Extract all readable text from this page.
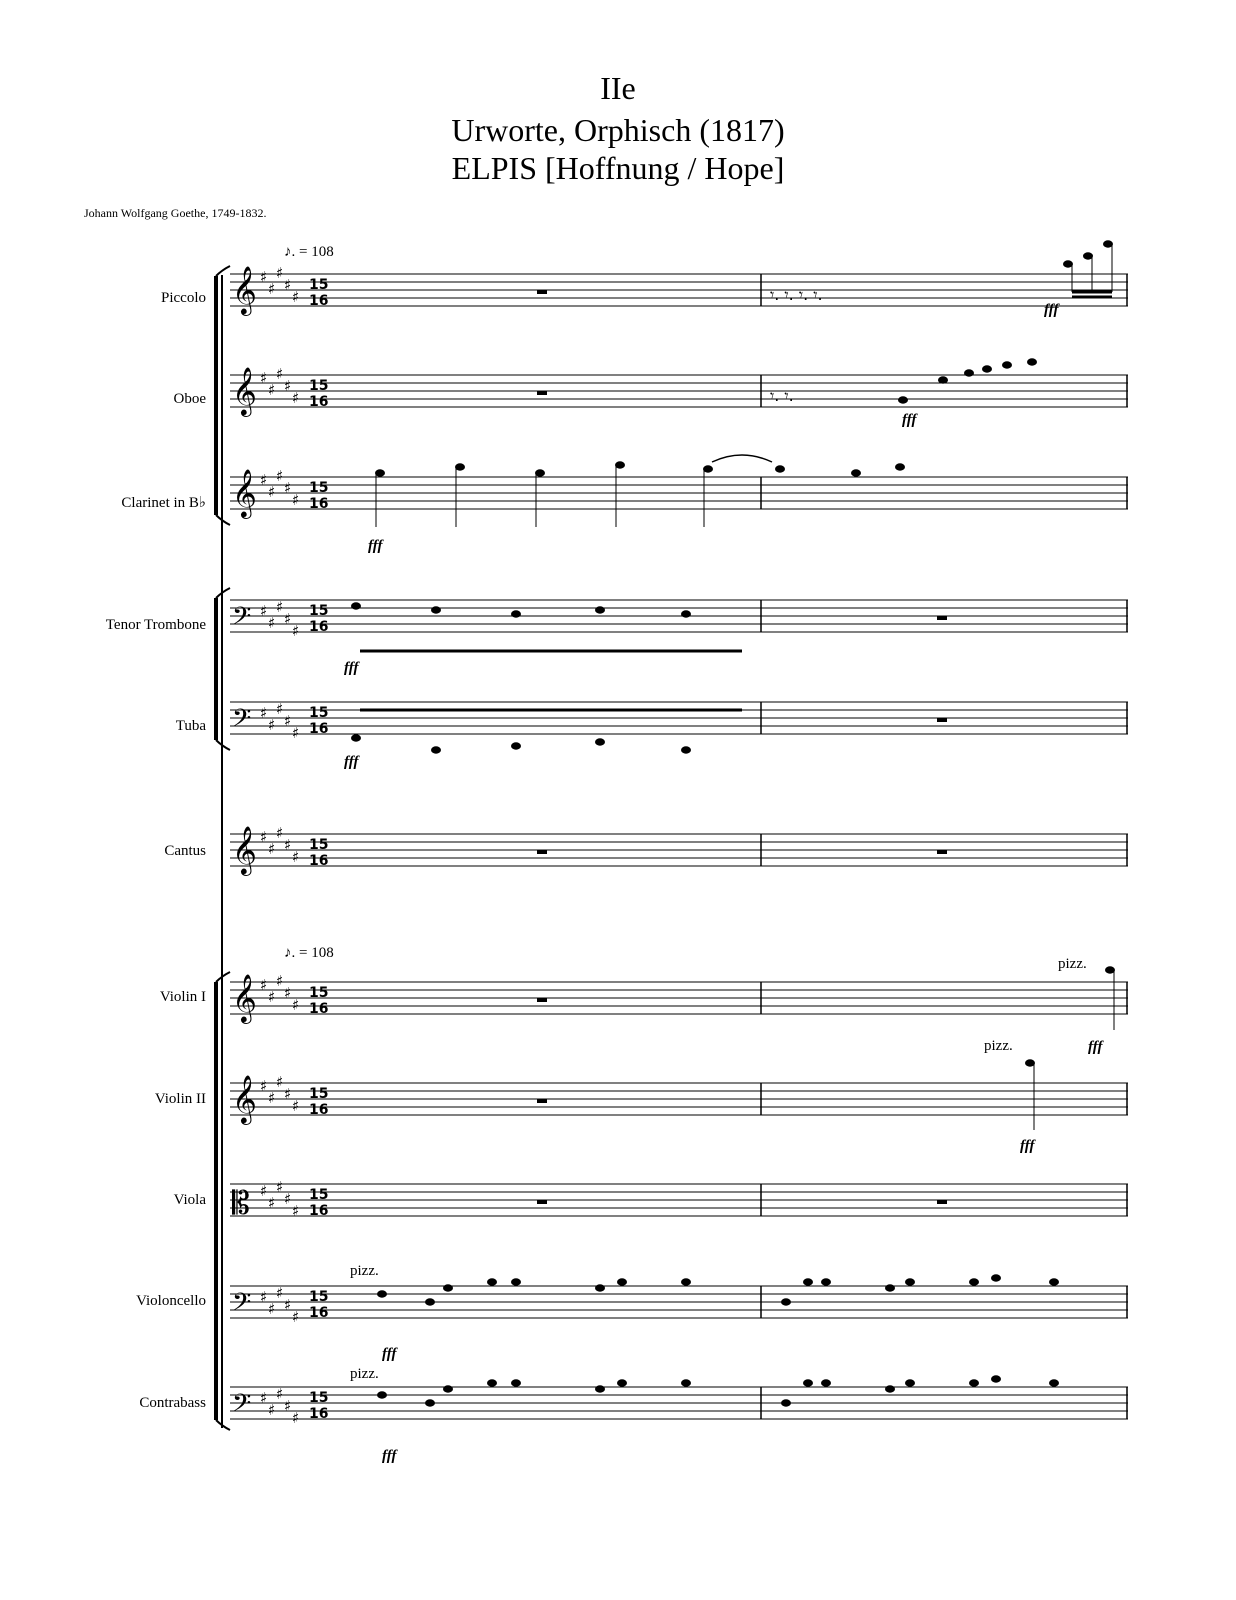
IIe
Urworte, Orphisch (1817)
ELPIS [Hoffnung / Hope]
Johann Wolfgang Goethe, 1749-1832.
♪. = 108
♪. = 108
Piccolo
Oboe
Clarinet in B♭
Tenor Trombone
Tuba
Cantus
Violin I
Violin II
Viola
Violoncello
Contrabass
𝄞
𝄞
𝄞
𝄢
𝄢
𝄞
𝄞
𝄞
𝄡
𝄢
𝄢
♯
♯
♯
♯
♯
♯
♯
♯
♯
♯
♯
♯
♯
♯
♯
♯
♯
♯
♯
♯
♯
♯
♯
♯
♯
♯
♯
♯
♯
♯
♯
♯
♯
♯
♯
♯
♯
♯
♯
♯
♯
♯
♯
♯
♯
♯
♯
♯
♯
♯
♯
♯
♯
♯
♯
15
16
15
16
15
16
15
16
15
16
15
16
15
16
15
16
15
16
15
16
15
16
𝄾. 𝄾. 𝄾. 𝄾.
𝄾. 𝄾.
fff
fff
fff
fff
fff
fff
fff
fff
fff
pizz.
pizz.
pizz.
pizz.
